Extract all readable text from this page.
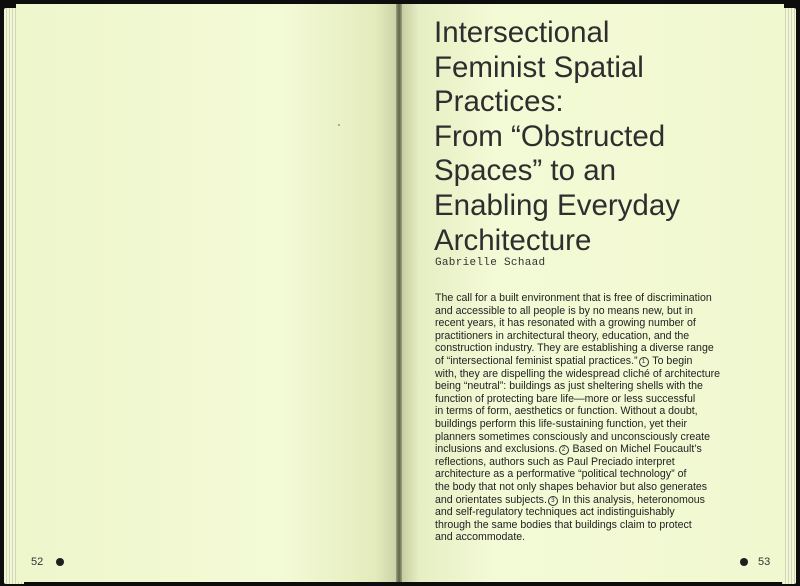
Intersectional
Feminist Spatial
Practices:
From “Obstructed
Spaces” to an
Enabling Everyday
Architecture
Gabrielle Schaad
The call for a built environment that is free of discrimination
and accessible to all people is by no means new, but in
recent years, it has resonated with a growing number of
practitioners in architectural theory, education, and the
construction industry. They are establishing a diverse range
of “intersectional feminist spatial practices.” 1 To begin
with, they are dispelling the widespread cliché of architecture
being “neutral”: buildings as just sheltering shells with the
function of protecting bare life—more or less successful
in terms of form, aesthetics or function. Without a doubt,
buildings perform this life-sustaining function, yet their
planners sometimes consciously and unconsciously create
inclusions and exclusions. 2 Based on Michel Foucault’s
reflections, authors such as Paul Preciado interpret
architecture as a performative “political technology” of
the body that not only shapes behavior but also generates
and orientates subjects. 3 In this analysis, heteronomous
and self-regulatory techniques act indistinguishably
through the same bodies that buildings claim to protect
and accommodate.
52	53
